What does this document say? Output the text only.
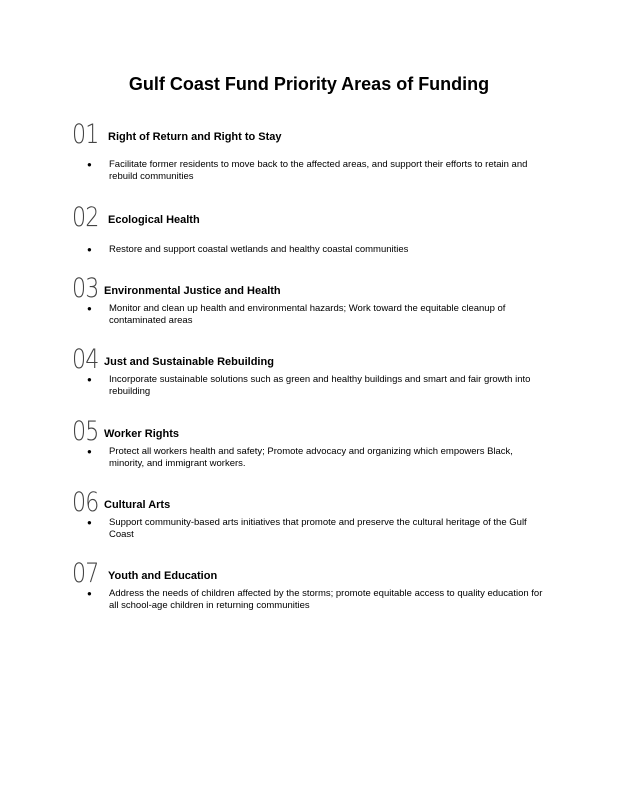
Gulf Coast Fund Priority Areas of Funding
01 Right of Return and Right to Stay
● Facilitate former residents to move back to the affected areas, and support their efforts to retain and rebuild communities
02 Ecological Health
● Restore and support coastal wetlands and healthy coastal communities
03 Environmental Justice and Health
● Monitor and clean up health and environmental hazards; Work toward the equitable cleanup of contaminated areas
04 Just and Sustainable Rebuilding
● Incorporate sustainable solutions such as green and healthy buildings and smart and fair growth into rebuilding
05 Worker Rights
● Protect all workers health and safety; Promote advocacy and organizing which empowers Black, minority, and immigrant workers.
06 Cultural Arts
● Support community-based arts initiatives that promote and preserve the cultural heritage of the Gulf Coast
07 Youth and Education
● Address the needs of children affected by the storms; promote equitable access to quality education for all school-age children in returning communities
